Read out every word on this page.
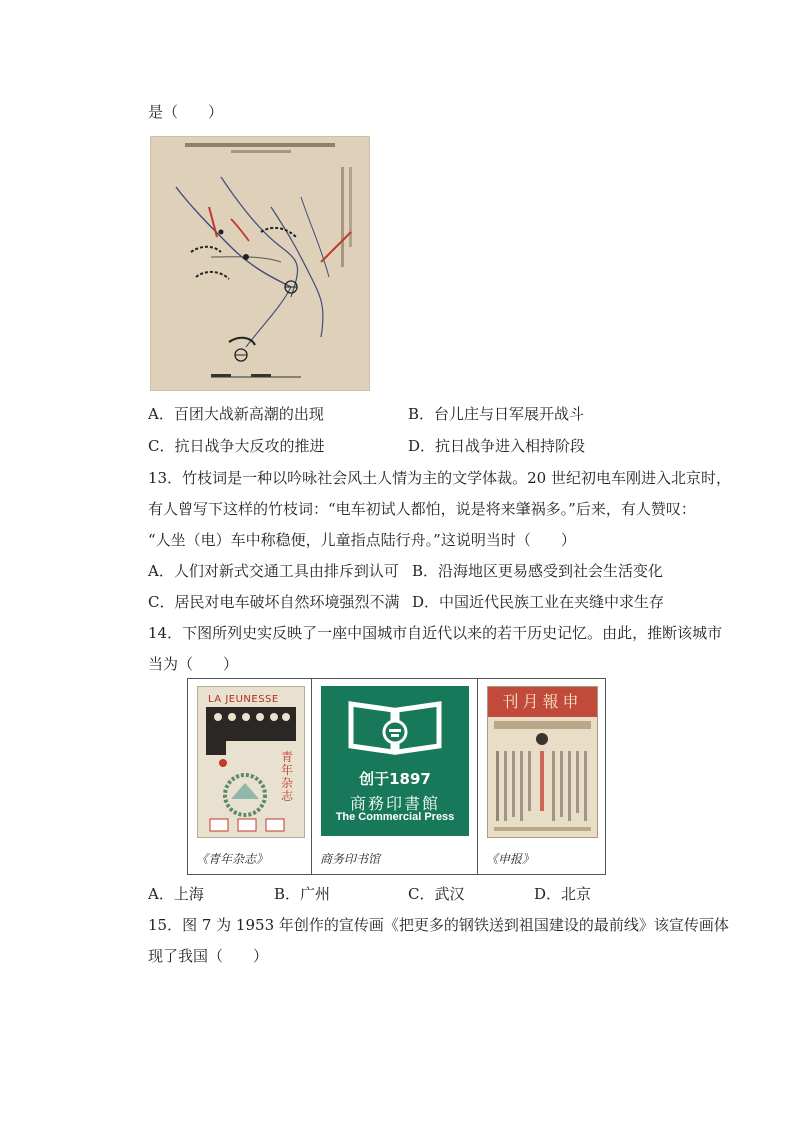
是（　　）
A．百团大战新高潮的出现	B．台儿庄与日军展开战斗
C．抗日战争大反攻的推进	D．抗日战争进入相持阶段
13．竹枝词是一种以吟咏社会风土人情为主的文学体裁。20 世纪初电车刚进入北京时，
有人曾写下这样的竹枝词：“电车初试人都怕，说是将来肇祸多。”后来，有人赞叹：
“人坐（电）车中称稳便，儿童指点陆行舟。”这说明当时（　　）
A．人们对新式交通工具由排斥到认可 B．沿海地区更易感受到社会生活变化
C．居民对电车破坏自然环境强烈不满 D．中国近代民族工业在夹缝中求生存
14．下图所列史实反映了一座中国城市自近代以来的若干历史记忆。由此，推断该城市
当为（　　）
LA JEUNESSE
青年杂志
《青年杂志》
创于1897
商務印書館
The Commercial Press
商务印书馆
刊月報申
《申报》
A．上海	B．广州	C．武汉	D．北京
15．图 7 为 1953 年创作的宣传画《把更多的钢铁送到祖国建设的最前线》该宣传画体
现了我国（　　）
